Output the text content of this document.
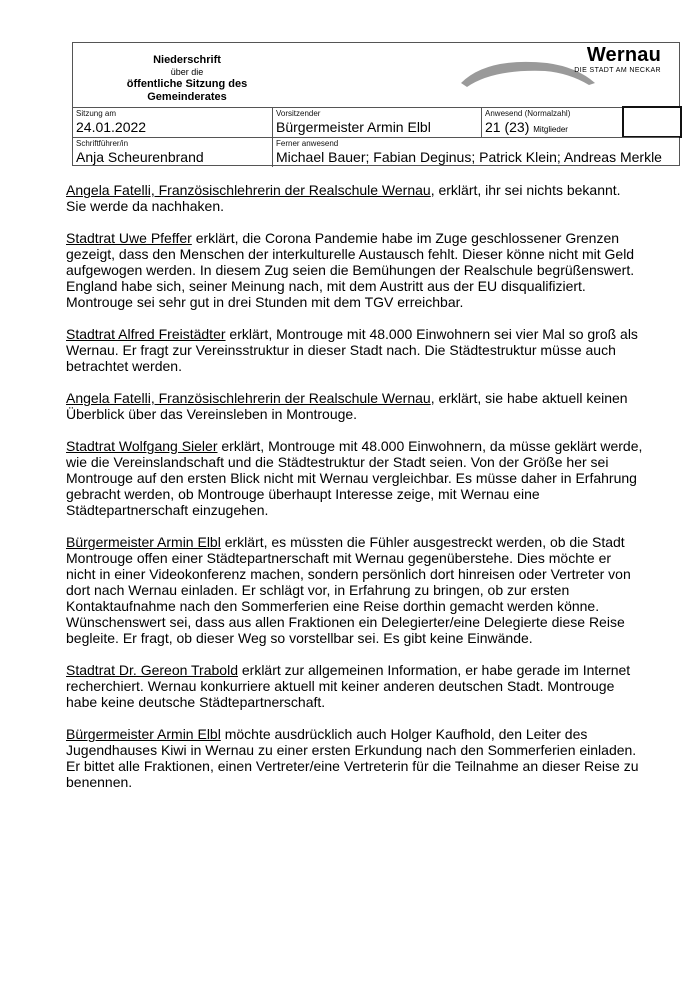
Niederschrift
über die
öffentliche Sitzung des
Gemeinderates
Wernau
DIE STADT AM NECKAR
Sitzung am
24.01.2022
Vorsitzender
Bürgermeister Armin Elbl
Anwesend (Normalzahl)
21 (23) Mitglieder
Schriftführer/in
Anja Scheurenbrand
Ferner anwesend
Michael Bauer; Fabian Deginus; Patrick Klein; Andreas Merkle

Angela Fatelli, Französischlehrerin der Realschule Wernau, erklärt, ihr sei nichts bekannt. Sie werde da nachhaken.

Stadtrat Uwe Pfeffer erklärt, die Corona Pandemie habe im Zuge geschlossener Grenzen gezeigt, dass den Menschen der interkulturelle Austausch fehlt. Dieser könne nicht mit Geld aufgewogen werden. In diesem Zug seien die Bemühungen der Realschule begrüßenswert. England habe sich, seiner Meinung nach, mit dem Austritt aus der EU disqualifiziert. Montrouge sei sehr gut in drei Stunden mit dem TGV erreichbar.

Stadtrat Alfred Freistädter erklärt, Montrouge mit 48.000 Einwohnern sei vier Mal so groß als Wernau. Er fragt zur Vereinsstruktur in dieser Stadt nach. Die Städtestruktur müsse auch betrachtet werden.

Angela Fatelli, Französischlehrerin der Realschule Wernau, erklärt, sie habe aktuell keinen Überblick über das Vereinsleben in Montrouge.

Stadtrat Wolfgang Sieler erklärt, Montrouge mit 48.000 Einwohnern, da müsse geklärt werde, wie die Vereinslandschaft und die Städtestruktur der Stadt seien. Von der Größe her sei Montrouge auf den ersten Blick nicht mit Wernau vergleichbar. Es müsse daher in Erfahrung gebracht werden, ob Montrouge überhaupt Interesse zeige, mit Wernau eine Städtepartnerschaft einzugehen.

Bürgermeister Armin Elbl erklärt, es müssten die Fühler ausgestreckt werden, ob die Stadt Montrouge offen einer Städtepartnerschaft mit Wernau gegenüberstehe. Dies möchte er nicht in einer Videokonferenz machen, sondern persönlich dort hinreisen oder Vertreter von dort nach Wernau einladen. Er schlägt vor, in Erfahrung zu bringen, ob zur ersten Kontaktaufnahme nach den Sommerferien eine Reise dorthin gemacht werden könne. Wünschenswert sei, dass aus allen Fraktionen ein Delegierter/eine Delegierte diese Reise begleite. Er fragt, ob dieser Weg so vorstellbar sei. Es gibt keine Einwände.

Stadtrat Dr. Gereon Trabold erklärt zur allgemeinen Information, er habe gerade im Internet recherchiert. Wernau konkurriere aktuell mit keiner anderen deutschen Stadt. Montrouge habe keine deutsche Städtepartnerschaft.

Bürgermeister Armin Elbl möchte ausdrücklich auch Holger Kaufhold, den Leiter des Jugendhauses Kiwi in Wernau zu einer ersten Erkundung nach den Sommerferien einladen. Er bittet alle Fraktionen, einen Vertreter/eine Vertreterin für die Teilnahme an dieser Reise zu benennen.
